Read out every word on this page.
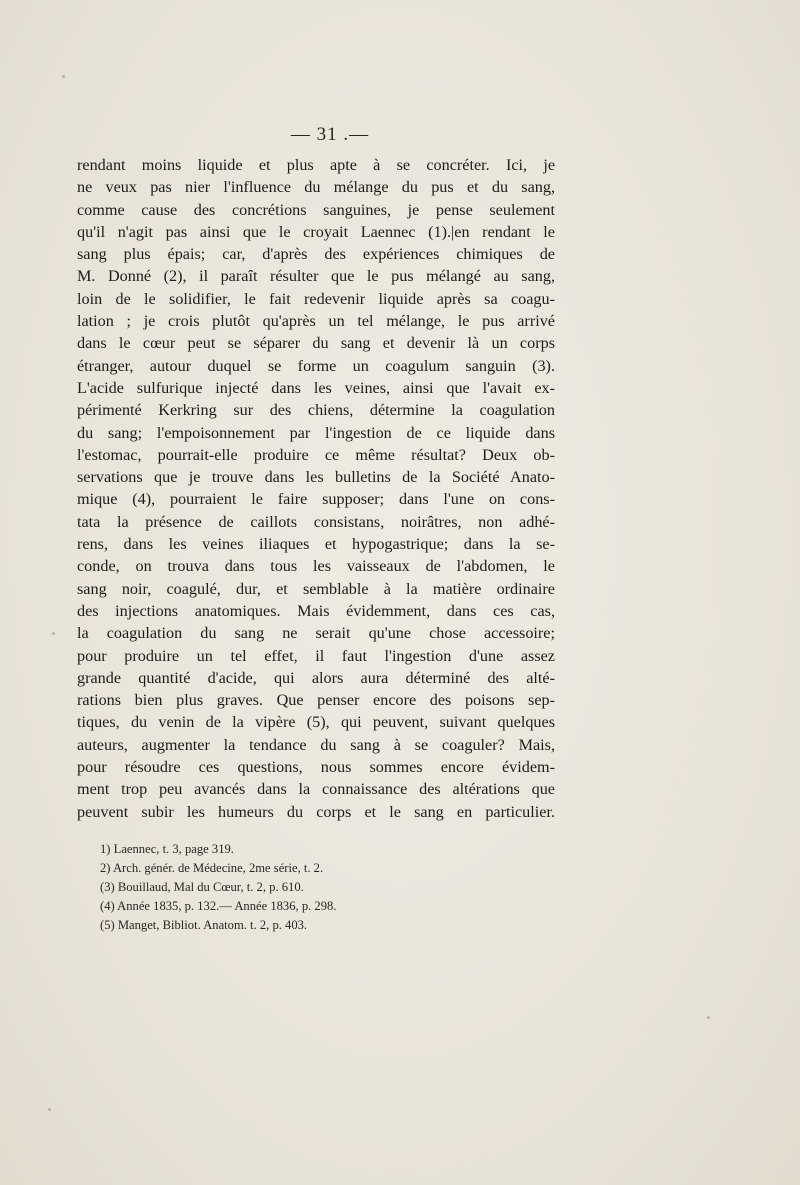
— 31 .—
rendant moins liquide et plus apte à se concréter. Ici, je
ne veux pas nier l'influence du mélange du pus et du sang,
comme cause des concrétions sanguines, je pense seulement
qu'il n'agit pas ainsi que le croyait Laennec (1).|en rendant le
sang plus épais; car, d'après des expériences chimiques de
M. Donné (2), il paraît résulter que le pus mélangé au sang,
loin de le solidifier, le fait redevenir liquide après sa coagu-
lation ; je crois plutôt qu'après un tel mélange, le pus arrivé
dans le cœur peut se séparer du sang et devenir là un corps
étranger, autour duquel se forme un coagulum sanguin (3).
L'acide sulfurique injecté dans les veines, ainsi que l'avait ex-
périmenté Kerkring sur des chiens, détermine la coagulation
du sang; l'empoisonnement par l'ingestion de ce liquide dans
l'estomac, pourrait-elle produire ce même résultat? Deux ob-
servations que je trouve dans les bulletins de la Société Anato-
mique (4), pourraient le faire supposer; dans l'une on cons-
tata la présence de caillots consistans, noirâtres, non adhé-
rens, dans les veines iliaques et hypogastrique; dans la se-
conde, on trouva dans tous les vaisseaux de l'abdomen, le
sang noir, coagulé, dur, et semblable à la matière ordinaire
des injections anatomiques. Mais évidemment, dans ces cas,
la coagulation du sang ne serait qu'une chose accessoire;
pour produire un tel effet, il faut l'ingestion d'une assez
grande quantité d'acide, qui alors aura déterminé des alté-
rations bien plus graves. Que penser encore des poisons sep-
tiques, du venin de la vipère (5), qui peuvent, suivant quelques
auteurs, augmenter la tendance du sang à se coaguler? Mais,
pour résoudre ces questions, nous sommes encore évidem-
ment trop peu avancés dans la connaissance des altérations que
peuvent subir les humeurs du corps et le sang en particulier.
1) Laennec, t. 3, page 319.
2) Arch. génér. de Médecine, 2me série, t. 2.
(3) Bouillaud, Mal du Cœur, t. 2, p. 610.
(4) Année 1835, p. 132.— Année 1836, p. 298.
(5) Manget, Bibliot. Anatom. t. 2, p. 403.
